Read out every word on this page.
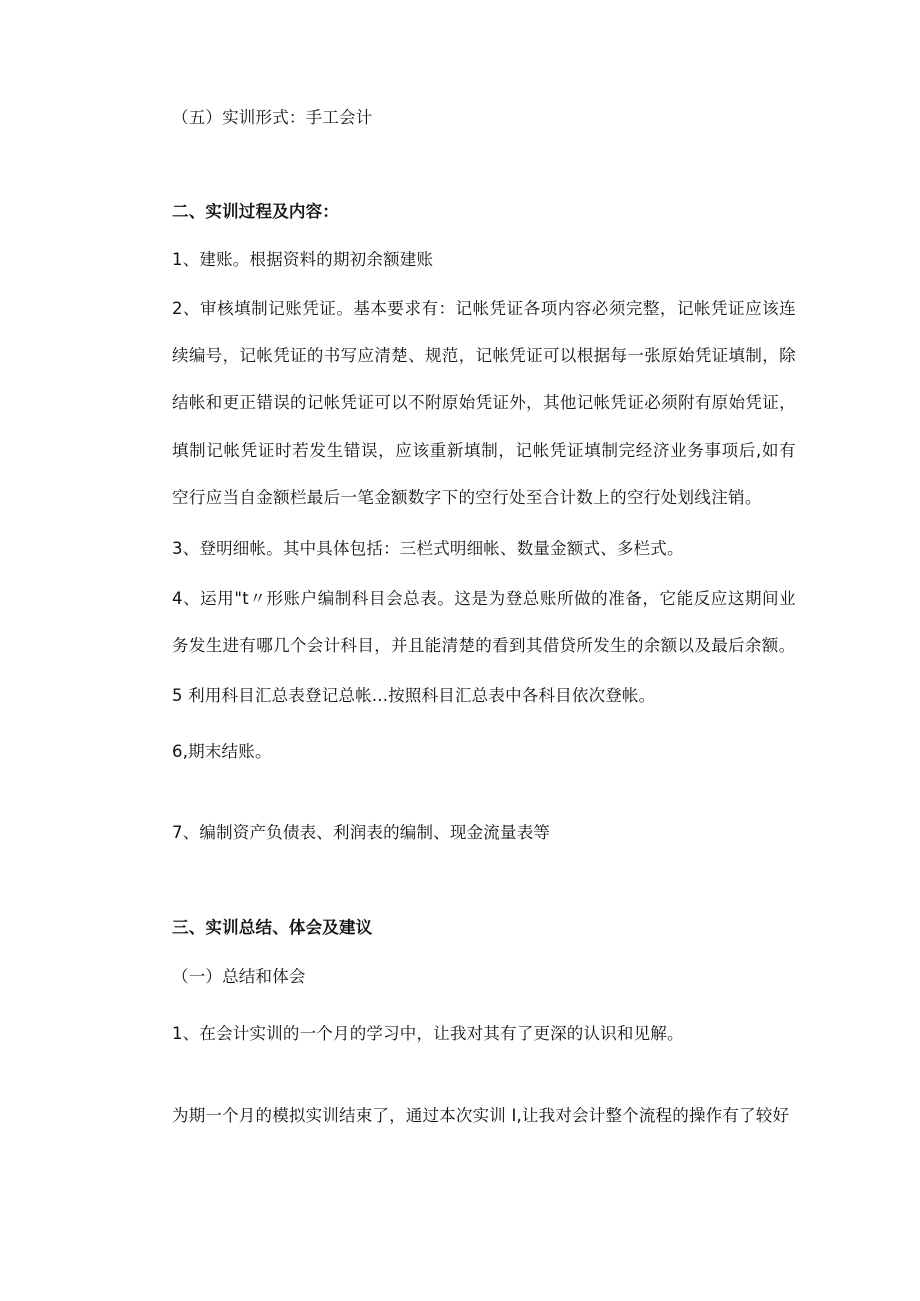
（五）实训形式：手工会计
二、实训过程及内容：
1、建账。根据资料的期初余额建账
2、审核填制记账凭证。基本要求有：记帐凭证各项内容必须完整，记帐凭证应该连续编号，记帐凭证的书写应清楚、规范，记帐凭证可以根据每一张原始凭证填制，除结帐和更正错误的记帐凭证可以不附原始凭证外，其他记帐凭证必须附有原始凭证，填制记帐凭证时若发生错误，应该重新填制，记帐凭证填制完经济业务事项后,如有空行应当自金额栏最后一笔金额数字下的空行处至合计数上的空行处划线注销。
3、登明细帐。其中具体包括：三栏式明细帐、数量金额式、多栏式。
4、运用"t〃形账户编制科目会总表。这是为登总账所做的准备，它能反应这期间业务发生进有哪几个会计科目，并且能清楚的看到其借贷所发生的余额以及最后余额。
5 利用科目汇总表登记总帐...按照科目汇总表中各科目依次登帐。
6,期末结账。
7、编制资产负债表、利润表的编制、现金流量表等
三、实训总结、体会及建议
（一）总结和体会
1、在会计实训的一个月的学习中，让我对其有了更深的认识和见解。
为期一个月的模拟实训结束了，通过本次实训 I,让我对会计整个流程的操作有了较好
